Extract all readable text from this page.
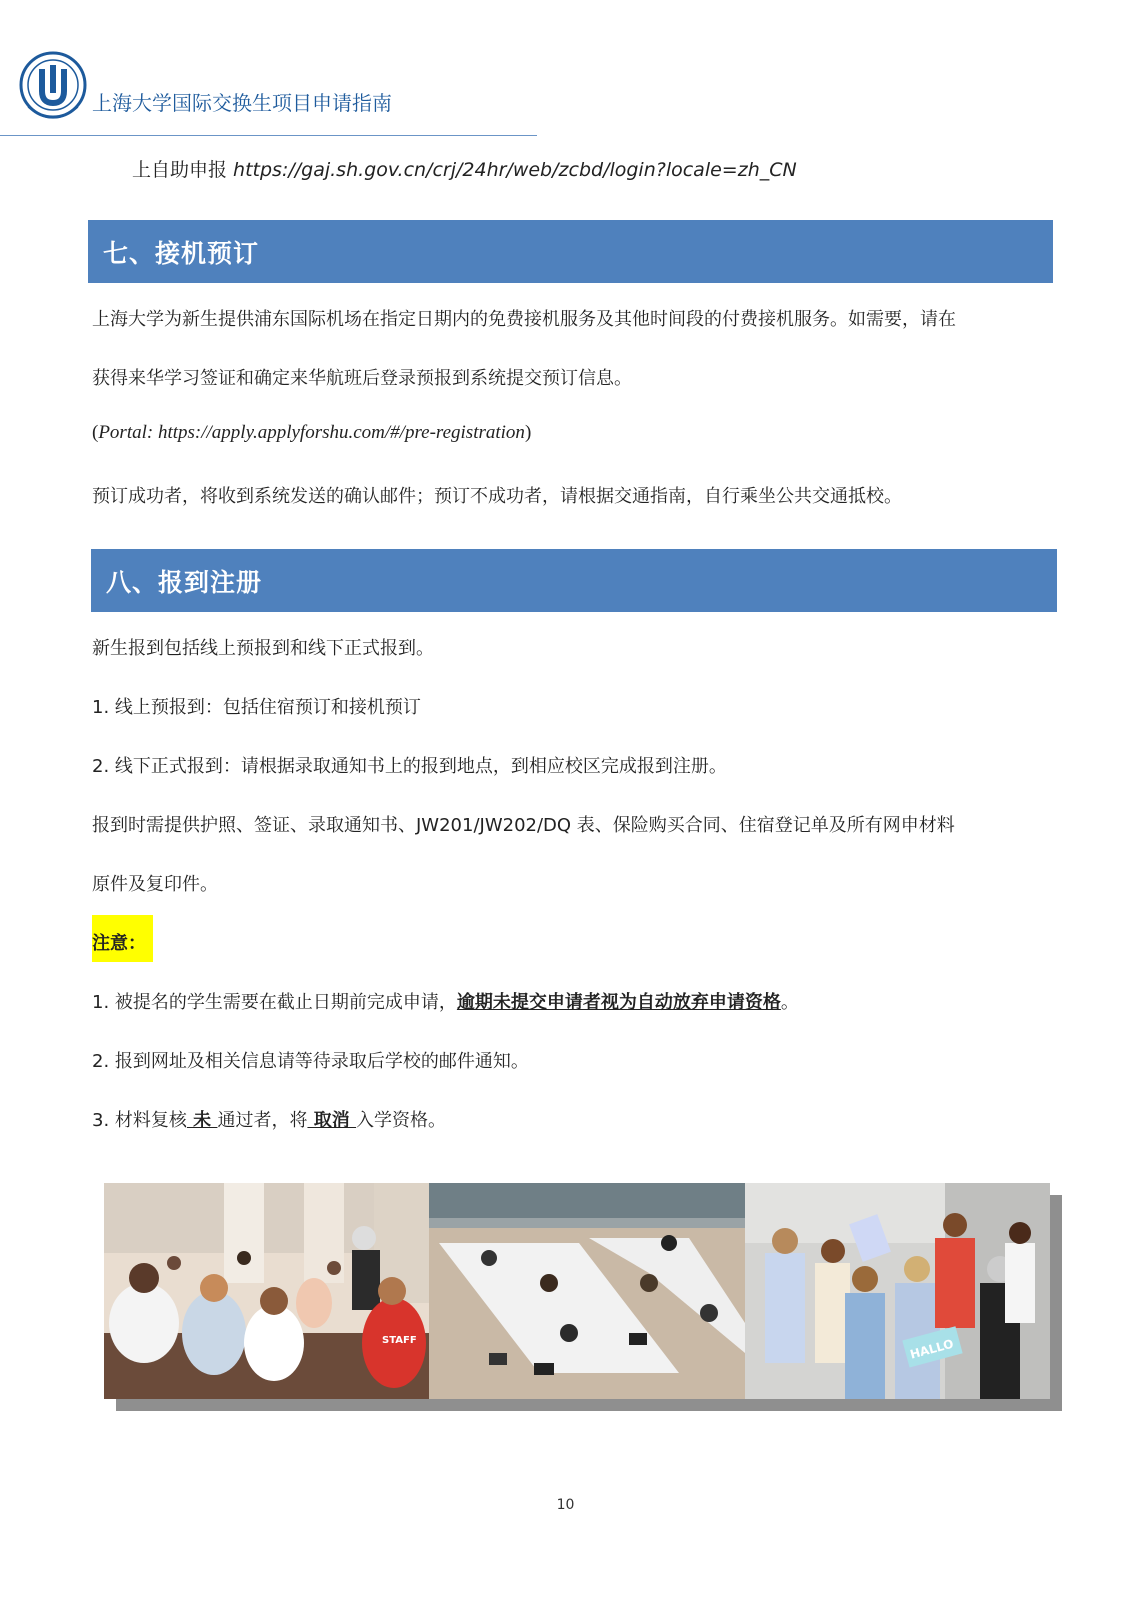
上海大学国际交换生项目申请指南
上自助申报 https://gaj.sh.gov.cn/crj/24hr/web/zcbd/login?locale=zh_CN
七、接机预订
上海大学为新生提供浦东国际机场在指定日期内的免费接机服务及其他时间段的付费接机服务。如需要，请在
获得来华学习签证和确定来华航班后登录预报到系统提交预订信息。
(Portal: https://apply.applyforshu.com/#/pre-registration)
预订成功者，将收到系统发送的确认邮件；预订不成功者，请根据交通指南，自行乘坐公共交通抵校。
八、报到注册
新生报到包括线上预报到和线下正式报到。
1. 线上预报到：包括住宿预订和接机预订
2. 线下正式报到：请根据录取通知书上的报到地点，到相应校区完成报到注册。
报到时需提供护照、签证、录取通知书、JW201/JW202/DQ 表、保险购买合同、住宿登记单及所有网申材料
原件及复印件。
注意：
1. 被提名的学生需要在截止日期前完成申请，逾期未提交申请者视为自动放弃申请资格。
2. 报到网址及相关信息请等待录取后学校的邮件通知。
3. 材料复核 未 通过者，将 取消 入学资格。
STAFF	HALLO
10
